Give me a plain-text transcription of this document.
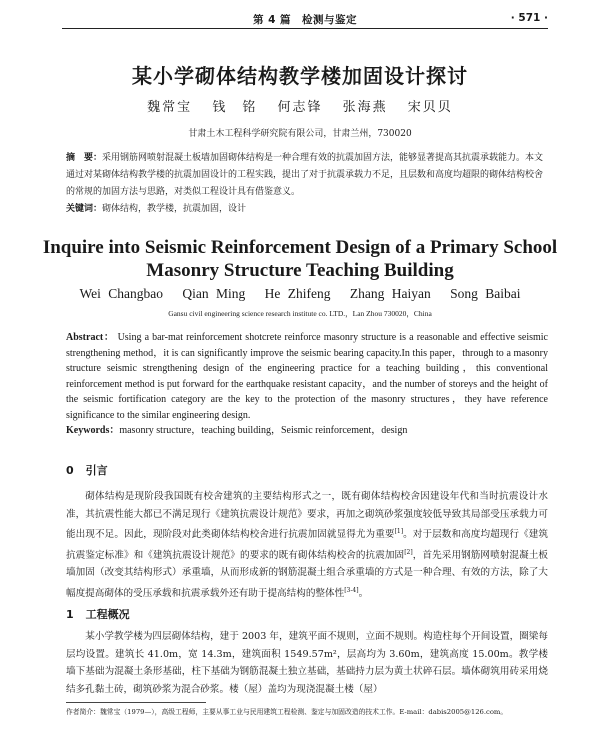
第 4 篇　检测与鉴定	· 571 ·
某小学砌体结构教学楼加固设计探讨
魏常宝 钱　铭 何志锋 张海燕 宋贝贝
甘肃土木工程科学研究院有限公司，甘肃兰州，730020
摘　要：采用钢筋网喷射混凝土板墙加固砌体结构是一种合理有效的抗震加固方法，能够显著提高其抗震承载能力。本文通过对某砌体结构教学楼的抗震加固设计的工程实践，提出了对于抗震承载力不足，且层数和高度均超限的砌体结构校舍的常规的加固方法与思路，对类似工程设计具有借鉴意义。
关键词：砌体结构，教学楼，抗震加固，设计
Inquire into Seismic Reinforcement Design of a Primary School Masonry Structure Teaching Building
Wei Changbao Qian Ming He Zhifeng Zhang Haiyan Song Baibai
Gansu civil engineering science research institute co. LTD.，Lan Zhou 730020，China
Abstract： Using a bar-mat reinforcement shotcrete reinforce masonry structure is a reasonable and effective seismic strengthening method，it is can significantly improve the seismic bearing capacity.In this paper，through to a masonry structure seismic strengthening design of the engineering practice for a teaching building，this conventional reinforcement method is put forward for the earthquake resistant capacity，and the number of storeys and the height of the seismic fortification category are the key to the protection of the masonry structures，they have reference significance to the similar engineering design.
Keywords：masonry structure，teaching building，Seismic reinforcement，design
0 引言
砌体结构是现阶段我国既有校舍建筑的主要结构形式之一，既有砌体结构校舍因建设年代和当时抗震设计水准，其抗震性能大都已不满足现行《建筑抗震设计规范》要求，再加之砌筑砂浆强度较低导致其局部受压承载力可能出现不足。因此，现阶段对此类砌体结构校舍进行抗震加固就显得尤为重要[1]。对于层数和高度均超现行《建筑抗震鉴定标准》和《建筑抗震设计规范》的要求的既有砌体结构校舍的抗震加固[2]，首先采用钢筋网喷射混凝土板墙加固（改变其结构形式）承重墙，从而形成新的钢筋混凝土组合承重墙的方式是一种合理、有效的方法，除了大幅度提高砌体的受压承载和抗震承载外还有助于提高结构的整体性[3-4]。
1 工程概况
某小学教学楼为四层砌体结构，建于 2003 年，建筑平面不规则，立面不规则。构造柱每个开间设置，圈梁每层均设置。建筑长 41.0m，宽 14.3m，建筑面积 1549.57m²，层高均为 3.60m，建筑高度 15.00m。教学楼墙下基础为混凝土条形基础，柱下基础为钢筋混凝土独立基础，基础持力层为黄土状碎石层。墙体砌筑用砖采用烧结多孔黏土砖，砌筑砂浆为混合砂浆。楼（屋）盖均为现浇混凝土楼（屋）
作者简介：魏常宝（1979—），高级工程师，主要从事工业与民用建筑工程检测、鉴定与加固改造的技术工作。E-mail：dabis2005@126.com。
